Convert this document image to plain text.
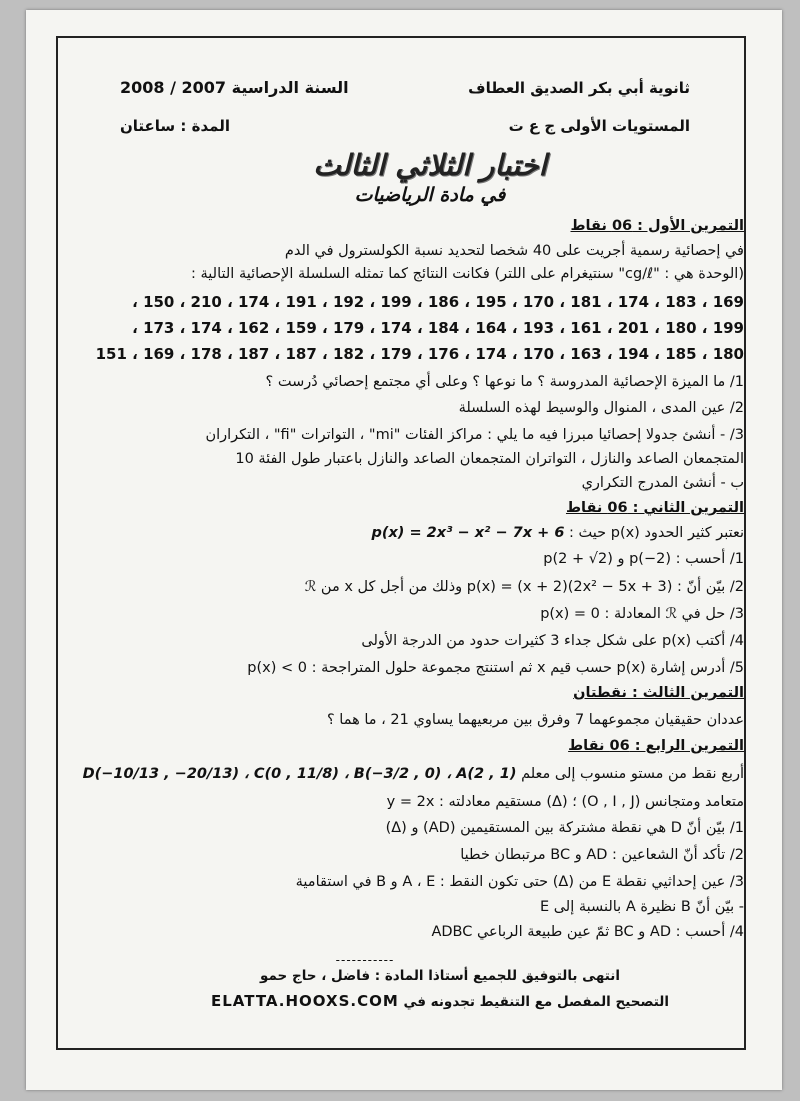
ثانوية أبي بكر الصديق العطاف
السنة الدراسية 2007 / 2008
المستويات الأولى ج ع ت
المدة : ساعتان
اختبار الثلاثي الثالث
في مادة الرياضيات
التمرين الأول : 06 نقاط
في إحصائية رسمية أجريت على 40 شخصا لتحديد نسبة الكولسترول في الدم
(الوحدة هي : "cg/ℓ" سنتيغرام على اللتر) فكانت النتائج كما تمثله السلسلة الإحصائية التالية :
169 ، 183 ، 174 ، 181 ، 170 ، 195 ، 186 ، 199 ، 192 ، 191 ، 174 ، 210 ، 150 ،
199 ، 180 ، 201 ، 161 ، 193 ، 164 ، 184 ، 174 ، 179 ، 159 ، 162 ، 174 ، 173 ،
180 ، 185 ، 194 ، 163 ، 170 ، 174 ، 176 ، 179 ، 182 ، 187 ، 187 ، 178 ، 169 ، 151
1/ ما الميزة الإحصائية المدروسة ؟ ما نوعها ؟ وعلى أي مجتمع إحصائي دُرست ؟
2/ عين المدى ، المنوال والوسيط لهذه السلسلة
3/ - أنشئ جدولا إحصائيا مبرزا فيه ما يلي : مراكز الفئات "mi" ، التواترات "fi" ، التكراران
المتجمعان الصاعد والنازل ، التواتران المتجمعان الصاعد والنازل باعتبار طول الفئة 10
ب - أنشئ المدرج التكراري
التمرين الثاني : 06 نقاط
نعتبر كثير الحدود p(x) حيث : p(x) = 2x³ − x² − 7x + 6
1/ أحسب : p(−2) و p(2 + √2)
2/ بيّن أنّ : p(x) = (x + 2)(2x² − 5x + 3) وذلك من أجل كل x من ℛ
3/ حل في ℛ المعادلة : p(x) = 0
4/ أكتب p(x) على شكل جداء 3 كثيرات حدود من الدرجة الأولى
5/ أدرس إشارة p(x) حسب قيم x ثم استنتج مجموعة حلول المتراجحة : p(x) < 0
التمرين الثالث : نقطتان
عددان حقيقيان مجموعهما 7 وفرق بين مربعيهما يساوي 21 ، ما هما ؟
التمرين الرابع : 06 نقاط
أربع نقط من مستو منسوب إلى معلم D(−10/13 , −20/13) ، C(0 , 11/8) ، B(−3/2 , 0) ، A(2 , 1)
متعامد ومتجانس (O , I , J) ؛ (Δ) مستقيم معادلته : y = 2x
1/ بيّن أنّ D هي نقطة مشتركة بين المستقيمين (AD) و (Δ)
2/ تأكد أنّ الشعاعين : AD و BC مرتبطان خطيا
3/ عين إحداثيي نقطة E من (Δ) حتى تكون النقط : A ، E و B في استقامية
- بيّن أنّ B نظيرة A بالنسبة إلى E
4/ أحسب : AD و BC ثمّ عين طبيعة الرباعي ADBC
-----------
انتهى بالتوفيق للجميع أستاذا المادة : فاضل ، حاج حمو
التصحيح المفصل مع التنقيط تجدونه في ELATTA.HOOXS.COM
